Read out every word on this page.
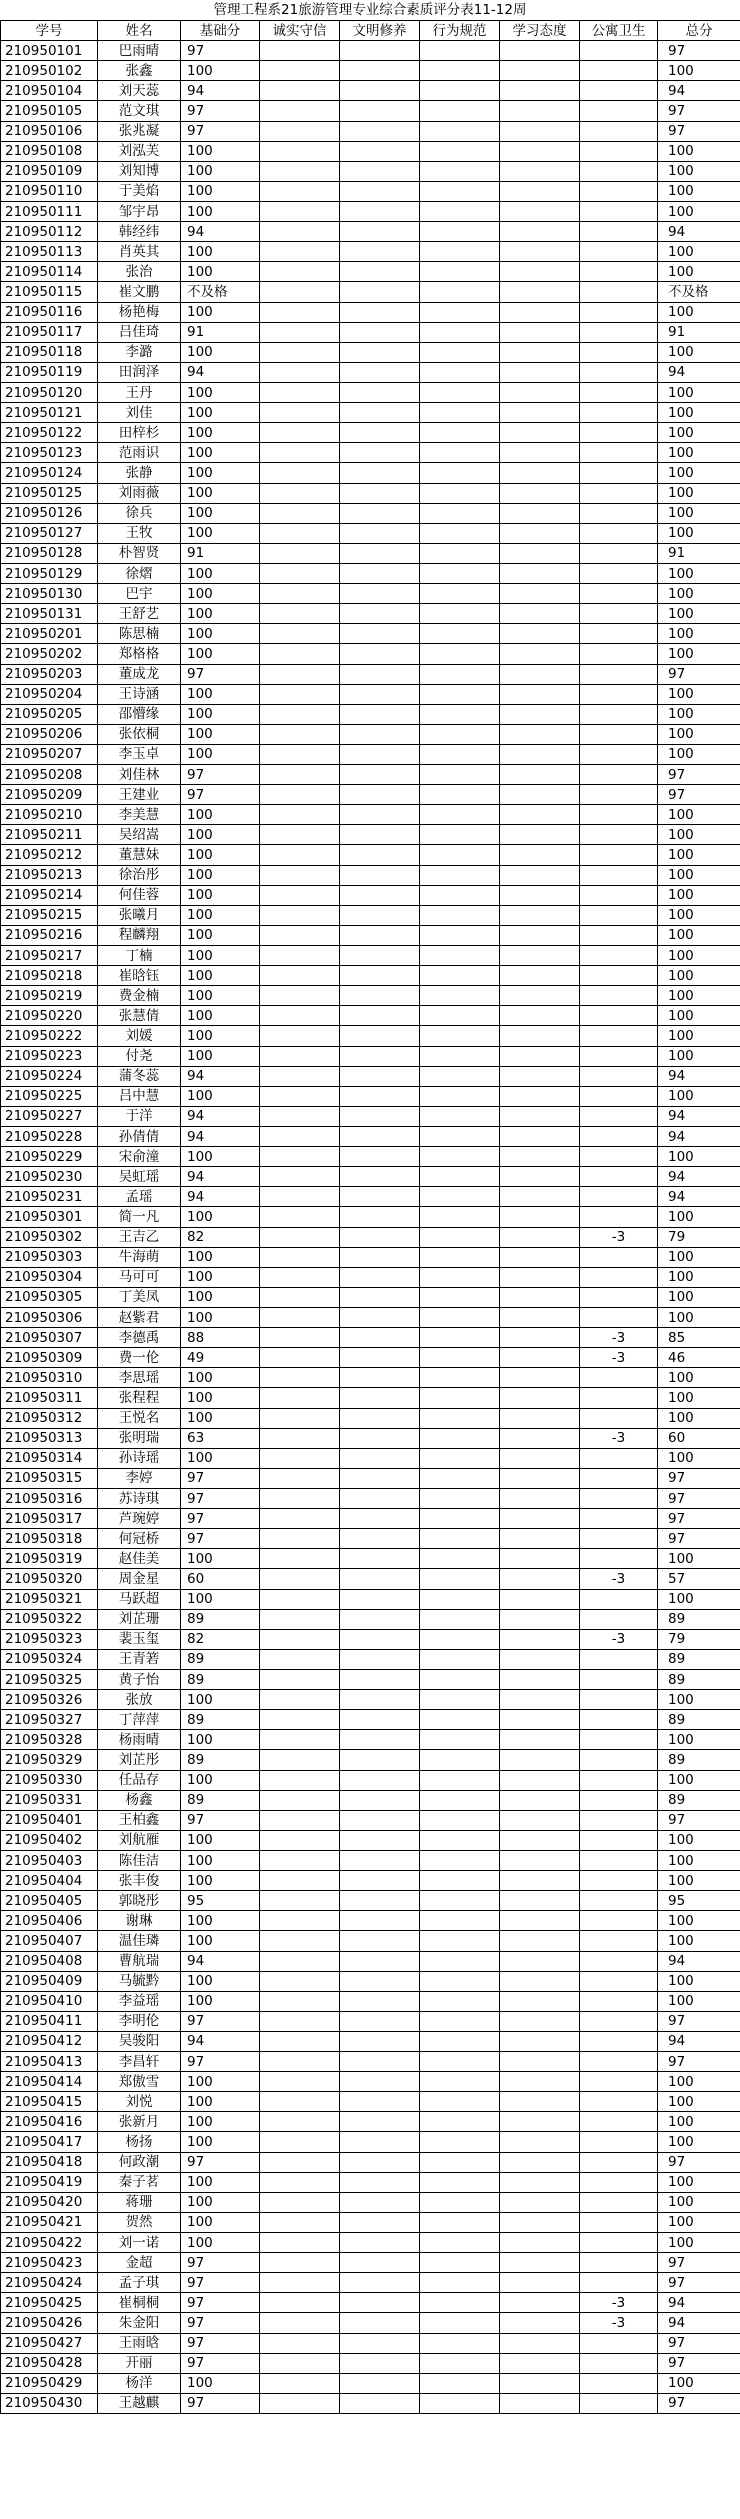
管理工程系21旅游管理专业综合素质评分表11-12周
学号	姓名	基础分	诚实守信	文明修养	行为规范	学习态度	公寓卫生	总分
210950101	巴雨晴	97						97
210950102	张鑫	100						100
210950104	刘天蕊	94						94
210950105	范文琪	97						97
210950106	张兆凝	97						97
210950108	刘泓芙	100						100
210950109	刘知博	100						100
210950110	于美焰	100						100
210950111	邹宇昂	100						100
210950112	韩经纬	94						94
210950113	肖英其	100						100
210950114	张治	100						100
210950115	崔文鹏	不及格						不及格
210950116	杨艳梅	100						100
210950117	吕佳琦	91						91
210950118	李潞	100						100
210950119	田润泽	94						94
210950120	王丹	100						100
210950121	刘佳	100						100
210950122	田梓杉	100						100
210950123	范雨识	100						100
210950124	张静	100						100
210950125	刘雨薇	100						100
210950126	徐兵	100						100
210950127	王牧	100						100
210950128	朴智贤	91						91
210950129	徐熠	100						100
210950130	巴宇	100						100
210950131	王舒艺	100						100
210950201	陈思楠	100						100
210950202	郑格格	100						100
210950203	董成龙	97						97
210950204	王诗涵	100						100
210950205	邵懵缘	100						100
210950206	张依桐	100						100
210950207	李玉卓	100						100
210950208	刘佳林	97						97
210950209	王建业	97						97
210950210	李美慧	100						100
210950211	吴绍嵩	100						100
210950212	董慧妹	100						100
210950213	徐治彤	100						100
210950214	何佳蓉	100						100
210950215	张曦月	100						100
210950216	程麟翔	100						100
210950217	丁楠	100						100
210950218	崔晗钰	100						100
210950219	费金楠	100						100
210950220	张慧倩	100						100
210950222	刘媛	100						100
210950223	付尧	100						100
210950224	蒲冬蕊	94						94
210950225	吕中慧	100						100
210950227	于洋	94						94
210950228	孙倩倩	94						94
210950229	宋俞潼	100						100
210950230	吴虹瑶	94						94
210950231	孟瑶	94						94
210950301	简一凡	100						100
210950302	王吉乙	82					-3	79
210950303	牛海萌	100						100
210950304	马可可	100						100
210950305	丁美凤	100						100
210950306	赵紫君	100						100
210950307	李德禹	88					-3	85
210950309	费一伦	49					-3	46
210950310	李思瑶	100						100
210950311	张程程	100						100
210950312	王悦名	100						100
210950313	张明瑞	63					-3	60
210950314	孙诗瑶	100						100
210950315	李婷	97						97
210950316	苏诗琪	97						97
210950317	芦琬婷	97						97
210950318	何冠桥	97						97
210950319	赵佳美	100						100
210950320	周金星	60					-3	57
210950321	马跃超	100						100
210950322	刘芷珊	89						89
210950323	裴玉玺	82					-3	79
210950324	王青箬	89						89
210950325	黄子怡	89						89
210950326	张放	100						100
210950327	丁萍萍	89						89
210950328	杨雨晴	100						100
210950329	刘芷彤	89						89
210950330	任品存	100						100
210950331	杨鑫	89						89
210950401	王柏鑫	97						97
210950402	刘航雁	100						100
210950403	陈佳洁	100						100
210950404	张丰俊	100						100
210950405	郭晓彤	95						95
210950406	谢琳	100						100
210950407	温佳璘	100						100
210950408	曹航瑞	94						94
210950409	马毓黔	100						100
210950410	李益瑶	100						100
210950411	李明伦	97						97
210950412	吴骏阳	94						94
210950413	李昌轩	97						97
210950414	郑傲雪	100						100
210950415	刘悦	100						100
210950416	张新月	100						100
210950417	杨扬	100						100
210950418	何政潮	97						97
210950419	秦子茗	100						100
210950420	蒋珊	100						100
210950421	贺然	100						100
210950422	刘一诺	100						100
210950423	金超	97						97
210950424	孟子琪	97						97
210950425	崔桐桐	97					-3	94
210950426	朱金阳	97					-3	94
210950427	王雨晗	97						97
210950428	开丽	97						97
210950429	杨洋	100						100
210950430	王越麒	97						97
